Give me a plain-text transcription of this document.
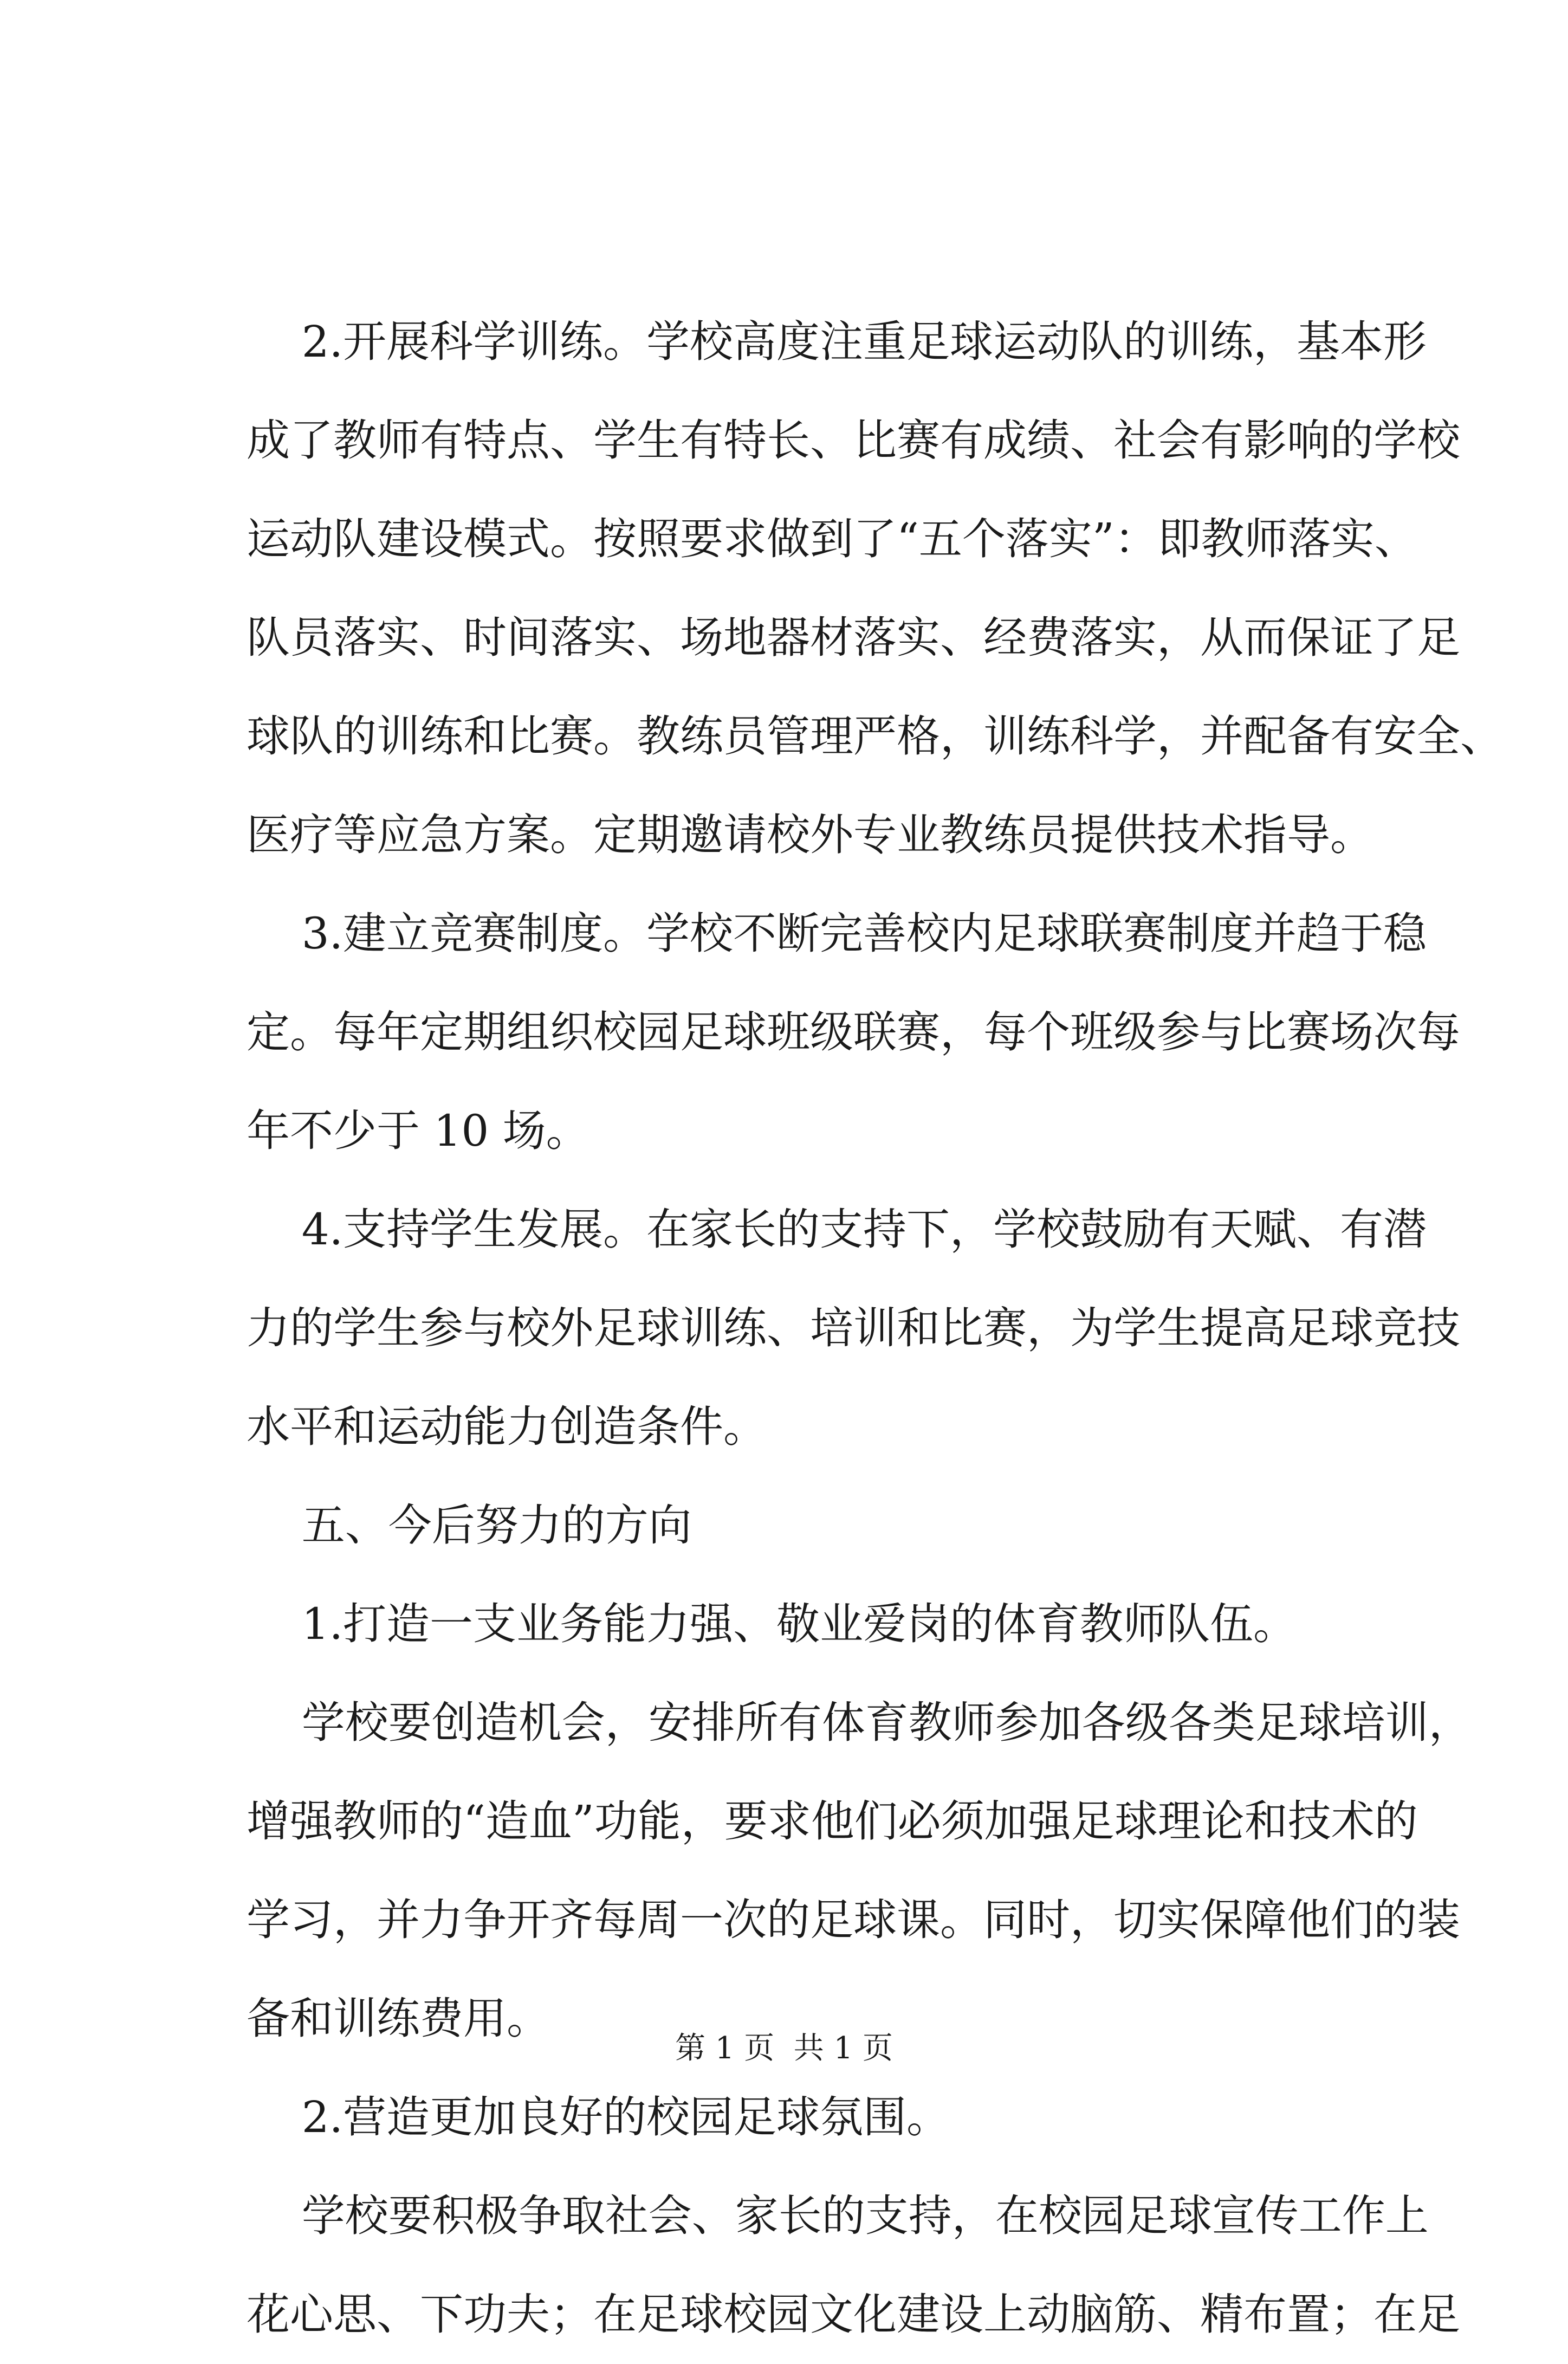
2.开展科学训练。学校高度注重足球运动队的训练，基本形

成了教师有特点、学生有特长、比赛有成绩、社会有影响的学校

运动队建设模式。按照要求做到了“五个落实”：即教师落实、

队员落实、时间落实、场地器材落实、经费落实，从而保证了足

球队的训练和比赛。教练员管理严格，训练科学，并配备有安全、

医疗等应急方案。定期邀请校外专业教练员提供技术指导。

3.建立竞赛制度。学校不断完善校内足球联赛制度并趋于稳

定。每年定期组织校园足球班级联赛，每个班级参与比赛场次每

年不少于 10 场。

4.支持学生发展。在家长的支持下，学校鼓励有天赋、有潜

力的学生参与校外足球训练、培训和比赛，为学生提高足球竞技

水平和运动能力创造条件。

五、今后努力的方向

1.打造一支业务能力强、敬业爱岗的体育教师队伍。

学校要创造机会，安排所有体育教师参加各级各类足球培训，

增强教师的“造血”功能，要求他们必须加强足球理论和技术的

学习，并力争开齐每周一次的足球课。同时，切实保障他们的装

备和训练费用。

2.营造更加良好的校园足球氛围。

学校要积极争取社会、家长的支持，在校园足球宣传工作上

花心思、下功夫；在足球校园文化建设上动脑筋、精布置；在足

第 1 页  共 1 页
